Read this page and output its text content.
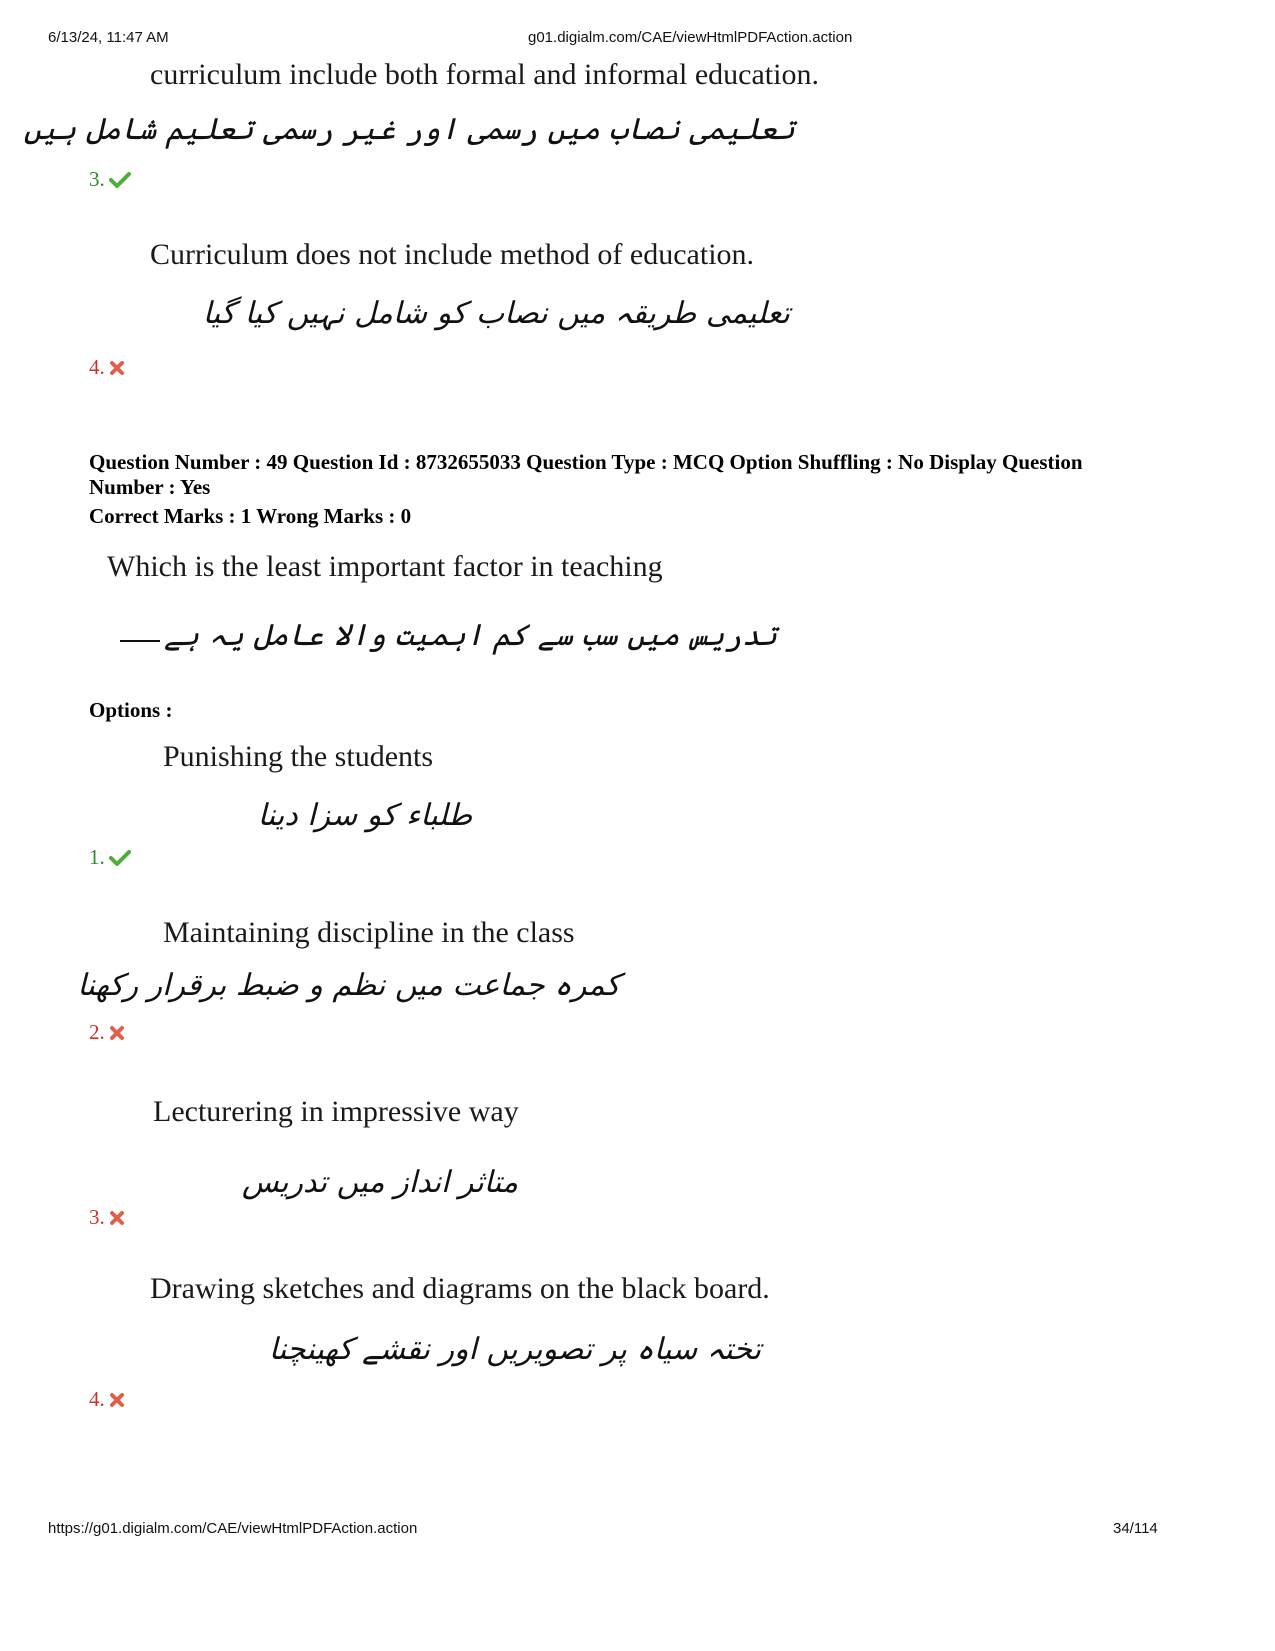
6/13/24, 11:47 AM	g01.digialm.com/CAE/viewHtmlPDFAction.action
curriculum include both formal and informal education.
تعلیمی نصاب میں رسمی اور غیر رسمی تعلیم شامل ہیں
3.
Curriculum does not include method of education.
تعلیمی طریقہ میں نصاب کو شامل نہیں کیا گیا
4.
Question Number : 49 Question Id : 8732655033 Question Type : MCQ Option Shuffling : No Display Question
Number : Yes
Correct Marks : 1 Wrong Marks : 0
Which is the least important factor in teaching
تدریس میں سب سے کم اہمیت والا عامل یہ ہے
Options :
Punishing the students
طلباء کو سزا دینا
1.
Maintaining discipline in the class
کمرہ جماعت میں نظم و ضبط برقرار رکھنا
2.
Lecturering in impressive way
متاثر انداز میں تدریس
3.
Drawing sketches and diagrams on the black board.
تختہ سیاہ پر تصویریں اور نقشے کھینچنا
4.
https://g01.digialm.com/CAE/viewHtmlPDFAction.action	34/114
